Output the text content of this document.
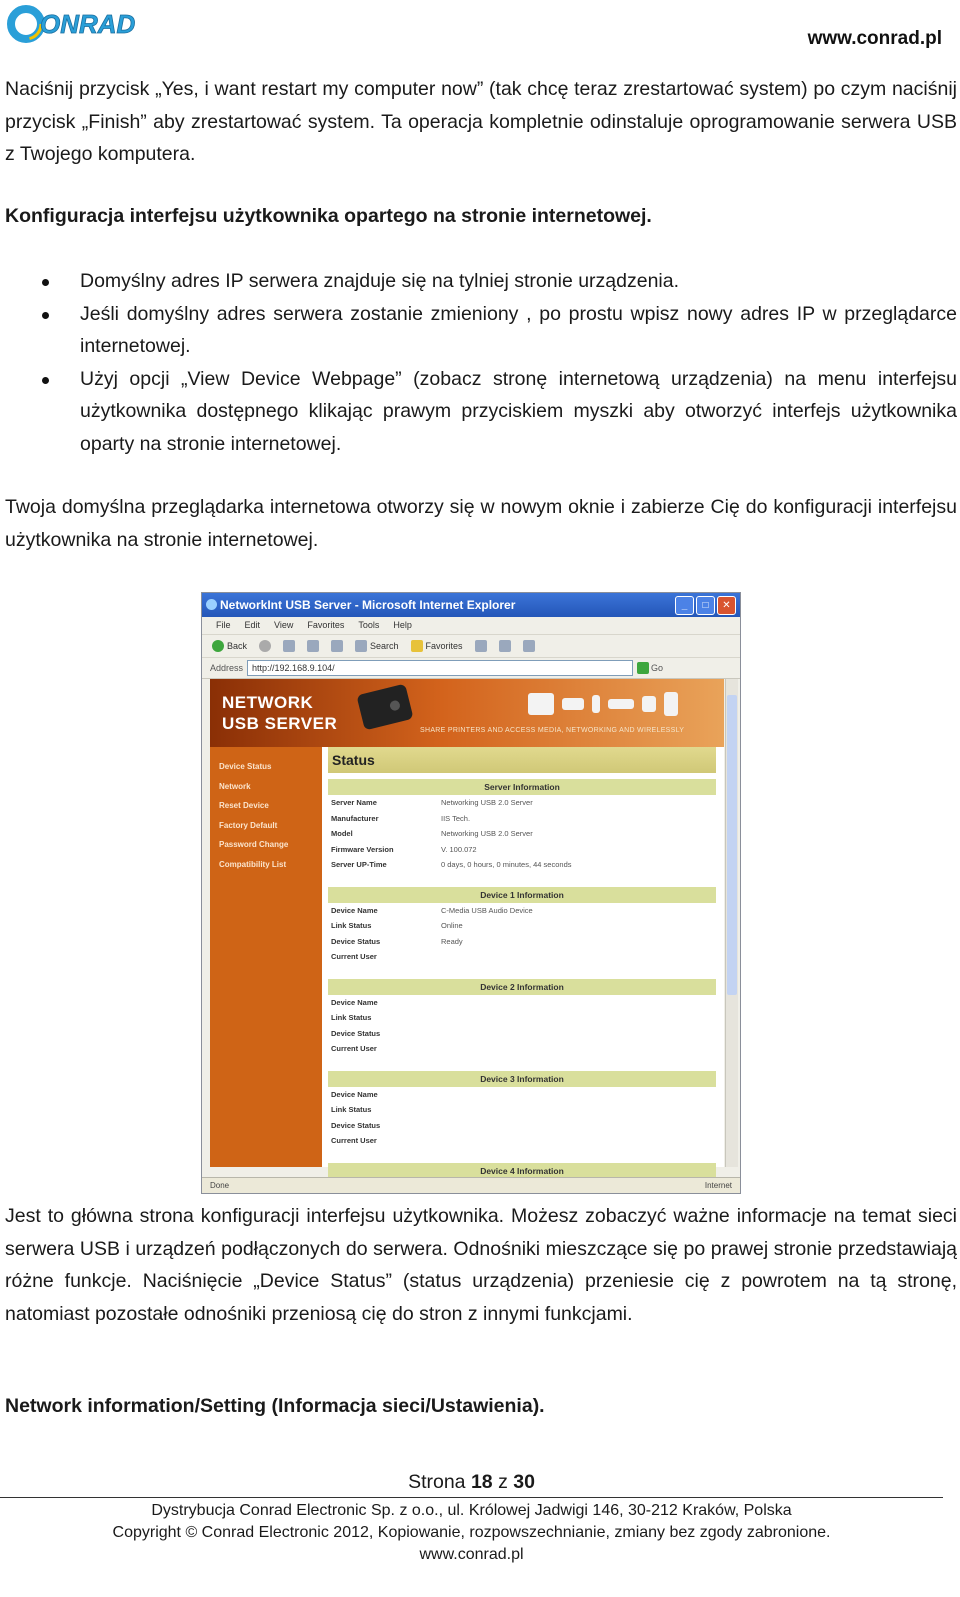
ONRAD	www.conrad.pl

Naciśnij przycisk „Yes, i want restart my computer now” (tak chcę teraz zrestartować system) po czym naciśnij przycisk „Finish” aby zrestartować system. Ta operacja kompletnie odinstaluje oprogramowanie serwera USB z Twojego komputera.

Konfiguracja interfejsu użytkownika opartego na stronie internetowej.

Domyślny adres IP serwera znajduje się na tylniej stronie urządzenia.
Jeśli domyślny adres serwera zostanie zmieniony , po prostu wpisz nowy adres IP w przeglądarce internetowej.
Użyj opcji „View Device Webpage” (zobacz stronę internetową urządzenia) na menu interfejsu użytkownika dostępnego klikając prawym przyciskiem myszki aby otworzyć interfejs użytkownika oparty na stronie internetowej.

Twoja domyślna przeglądarka internetowa otworzy się w nowym oknie i zabierze Cię do konfiguracji interfejsu użytkownika na stronie internetowej.

NetworkInt USB Server - Microsoft Internet Explorer	_	□	✕
File Edit View Favorites Tools Help
Back	Search	Favorites
Address	http://192.168.9.104/	Go
NETWORK
USB SERVER	SHARE PRINTERS AND ACCESS MEDIA, NETWORKING AND WIRELESSLY
Device Status
Network
Reset Device
Factory Default
Password Change
Compatibility List
Status
Server Information
Server Name	Networking USB 2.0 Server
Manufacturer	IIS Tech.
Model	Networking USB 2.0 Server
Firmware Version	V. 100.072
Server UP-Time	0 days, 0 hours, 0 minutes, 44 seconds
Device 1 Information
Device Name	C-Media USB Audio Device
Link Status	Online
Device Status	Ready
Current User
Device 2 Information
Device Name
Link Status
Device Status
Current User
Device 3 Information
Device Name
Link Status
Device Status
Current User
Device 4 Information
Done	Internet

Jest to główna strona konfiguracji interfejsu użytkownika. Możesz zobaczyć ważne informacje na temat sieci serwera USB i urządzeń podłączonych do serwera. Odnośniki mieszczące się po prawej stronie przedstawiają różne funkcje. Naciśnięcie „Device Status” (status urządzenia) przeniesie cię z powrotem na tą stronę, natomiast pozostałe odnośniki przeniosą cię do stron z innymi funkcjami.

Network information/Setting (Informacja sieci/Ustawienia).

Strona 18 z 30
Dystrybucja Conrad Electronic Sp. z o.o., ul. Królowej Jadwigi 146, 30-212 Kraków, Polska
Copyright © Conrad Electronic 2012, Kopiowanie, rozpowszechnianie, zmiany bez zgody zabronione.
www.conrad.pl
